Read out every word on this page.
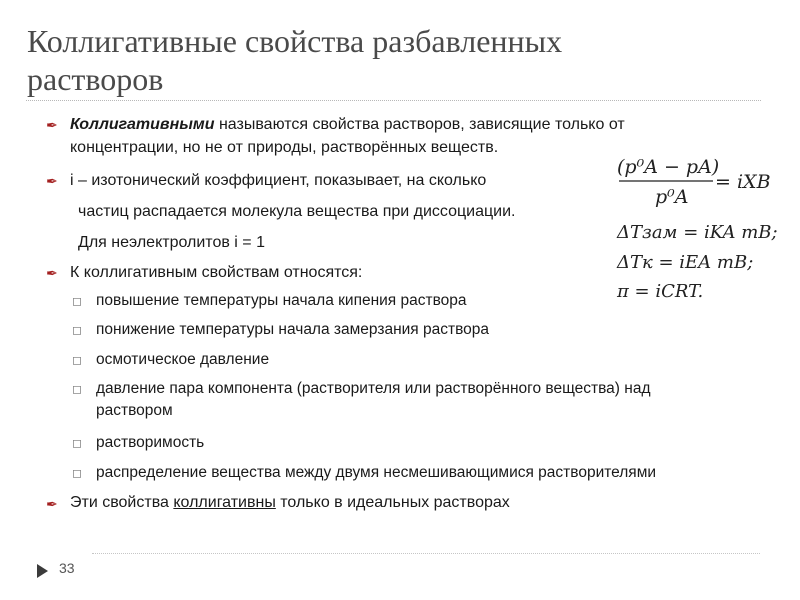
Коллигативные свойства разбавленных
растворов
✒ Коллигативными называются свойства растворов, зависящие только от
концентрации, но не от природы, растворённых веществ.
✒ i – изотонический коэффициент, показывает, на сколько
частиц распадается молекула вещества при диссоциации.
Для неэлектролитов i = 1
✒ К коллигативным свойствам относятся:
◻ повышение температуры начала кипения раствора
◻ понижение температуры начала замерзания раствора
◻ осмотическое давление
◻ давление пара компонента (растворителя или растворённого вещества) над
раствором
◻ растворимость
◻ распределение вещества между двумя несмешивающимися растворителями
✒ Эти свойства коллигативны только в идеальных растворах
(p⁰A − pA)
p⁰A
= iXB
ΔTзам = iKA mB;
ΔTк = iEA mB;
π = iCRT.
33
